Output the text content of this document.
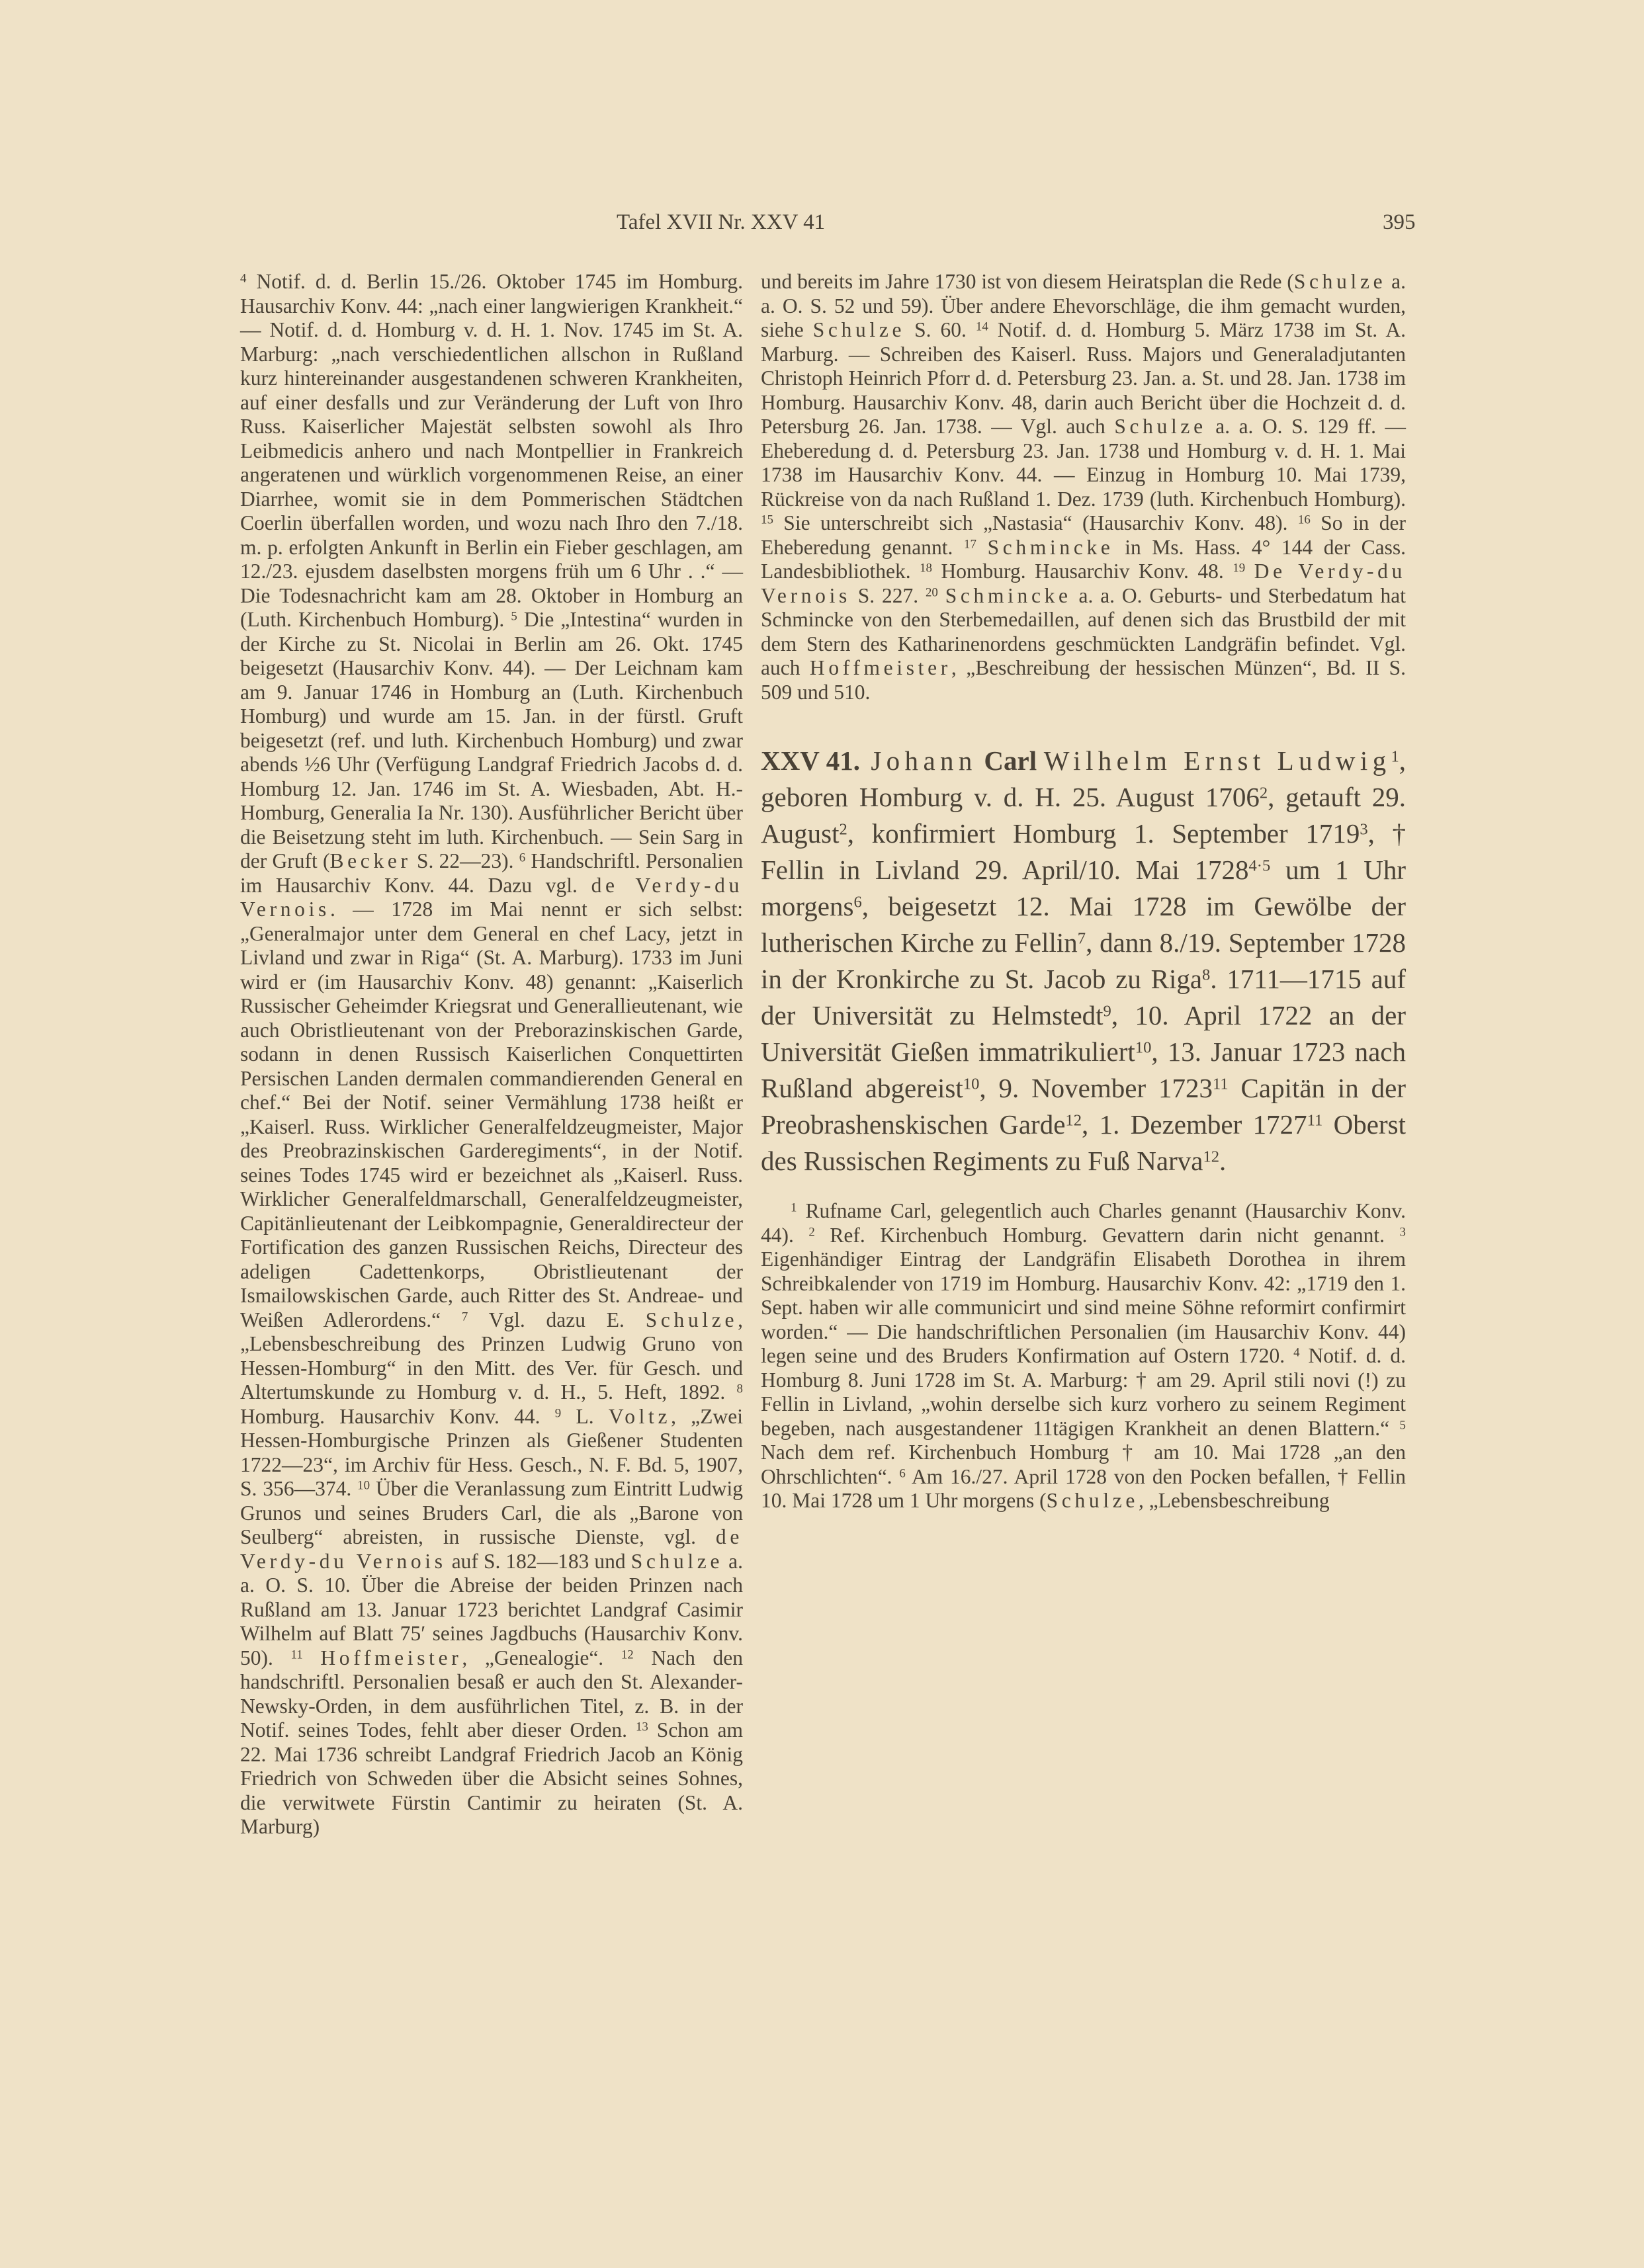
Tafel XVII Nr. XXV 41	395

$^4$ Notif. d. d. Berlin 15./26. Oktober 1745 im Homburg. Hausarchiv Konv. 44: „nach einer langwierigen Krankheit.“ — Notif. d. d. Homburg v. d. H. 1. Nov. 1745 im St. A. Marburg: „nach verschiedentlichen allschon in Rußland kurz hintereinander ausgestandenen schweren Krankheiten, auf einer desfalls und zur Veränderung der Luft von Ihro Russ. Kaiserlicher Majestät selbsten sowohl als Ihro Leibmedicis anhero und nach Montpellier in Frankreich angeratenen und würklich vorgenommenen Reise, an einer Diarrhee, womit sie in dem Pommerischen Städtchen Coerlin überfallen worden, und wozu nach Ihro den 7./18. m. p. erfolgten Ankunft in Berlin ein Fieber geschlagen, am 12./23. ejusdem daselbsten morgens früh um 6 Uhr . .“ — Die Todesnachricht kam am 28. Oktober in Homburg an (Luth. Kirchenbuch Homburg). $^5$ Die „Intestina“ wurden in der Kirche zu St. Nicolai in Berlin am 26. Okt. 1745 beigesetzt (Hausarchiv Konv. 44). — Der Leichnam kam am 9. Januar 1746 in Homburg an (Luth. Kirchenbuch Homburg) und wurde am 15. Jan. in der fürstl. Gruft beigesetzt (ref. und luth. Kirchenbuch Homburg) und zwar abends ½6 Uhr (Verfügung Landgraf Friedrich Jacobs d. d. Homburg 12. Jan. 1746 im St. A. Wiesbaden, Abt. H.-Homburg, Generalia Ia Nr. 130). Ausführlicher Bericht über die Beisetzung steht im luth. Kirchenbuch. — Sein Sarg in der Gruft (Becker S. 22—23). $^6$ Handschriftl. Personalien im Hausarchiv Konv. 44. Dazu vgl. de Verdy-du Vernois. — 1728 im Mai nennt er sich selbst: „Generalmajor unter dem General en chef Lacy, jetzt in Livland und zwar in Riga“ (St. A. Marburg). 1733 im Juni wird er (im Hausarchiv Konv. 48) genannt: „Kaiserlich Russischer Geheimder Kriegsrat und Generallieutenant, wie auch Obristlieutenant von der Preborazinskischen Garde, sodann in denen Russisch Kaiserlichen Conquettirten Persischen Landen dermalen commandierenden General en chef.“ Bei der Notif. seiner Vermählung 1738 heißt er „Kaiserl. Russ. Wirklicher Generalfeldzeugmeister, Major des Preobrazinskischen Garderegiments“, in der Notif. seines Todes 1745 wird er bezeichnet als „Kaiserl. Russ. Wirklicher Generalfeldmarschall, Generalfeldzeugmeister, Capitänlieutenant der Leibkompagnie, Generaldirecteur der Fortification des ganzen Russischen Reichs, Directeur des adeligen Cadettenkorps, Obristlieutenant der Ismailowskischen Garde, auch Ritter des St. Andreae- und Weißen Adlerordens.“ $^7$ Vgl. dazu E. Schulze, „Lebensbeschreibung des Prinzen Ludwig Gruno von Hessen-Homburg“ in den Mitt. des Ver. für Gesch. und Altertumskunde zu Homburg v. d. H., 5. Heft, 1892. $^8$ Homburg. Hausarchiv Konv. 44. $^9$ L. Voltz, „Zwei Hessen-Homburgische Prinzen als Gießener Studenten 1722—23“, im Archiv für Hess. Gesch., N. F. Bd. 5, 1907, S. 356—374. $^{10}$ Über die Veranlassung zum Eintritt Ludwig Grunos und seines Bruders Carl, die als „Barone von Seulberg“ abreisten, in russische Dienste, vgl. de Verdy-du Vernois auf S. 182—183 und Schulze a. a. O. S. 10. Über die Abreise der beiden Prinzen nach Rußland am 13. Januar 1723 berichtet Landgraf Casimir Wilhelm auf Blatt 75′ seines Jagdbuchs (Hausarchiv Konv. 50). $^{11}$ Hoffmeister, „Genealogie“. $^{12}$ Nach den handschriftl. Personalien besaß er auch den St. Alexander-Newsky-Orden, in dem ausführlichen Titel, z. B. in der Notif. seines Todes, fehlt aber dieser Orden. $^{13}$ Schon am 22. Mai 1736 schreibt Landgraf Friedrich Jacob an König Friedrich von Schweden über die Absicht seines Sohnes, die verwitwete Fürstin Cantimir zu heiraten (St. A. Marburg)

und bereits im Jahre 1730 ist von diesem Heiratsplan die Rede (Schulze a. a. O. S. 52 und 59). Über andere Ehevorschläge, die ihm gemacht wurden, siehe Schulze S. 60. $^{14}$ Notif. d. d. Homburg 5. März 1738 im St. A. Marburg. — Schreiben des Kaiserl. Russ. Majors und Generaladjutanten Christoph Heinrich Pforr d. d. Petersburg 23. Jan. a. St. und 28. Jan. 1738 im Homburg. Hausarchiv Konv. 48, darin auch Bericht über die Hochzeit d. d. Petersburg 26. Jan. 1738. — Vgl. auch Schulze a. a. O. S. 129 ff. — Eheberedung d. d. Petersburg 23. Jan. 1738 und Homburg v. d. H. 1. Mai 1738 im Hausarchiv Konv. 44. — Einzug in Homburg 10. Mai 1739, Rückreise von da nach Rußland 1. Dez. 1739 (luth. Kirchenbuch Homburg). $^{15}$ Sie unterschreibt sich „Nastasia“ (Hausarchiv Konv. 48). $^{16}$ So in der Eheberedung genannt. $^{17}$ Schmincke in Ms. Hass. 4° 144 der Cass. Landesbibliothek. $^{18}$ Homburg. Hausarchiv Konv. 48. $^{19}$ De Verdy-du Vernois S. 227. $^{20}$ Schmincke a. a. O. Geburts- und Sterbedatum hat Schmincke von den Sterbemedaillen, auf denen sich das Brustbild der mit dem Stern des Katharinenordens geschmückten Landgräfin befindet. Vgl. auch Hoffmeister, „Beschreibung der hessischen Münzen“, Bd. II S. 509 und 510.

XXV 41. Johann Carl Wilhelm Ernst Ludwig$^1$, geboren Homburg v. d. H. 25. August 1706$^2$, getauft 29. August$^2$, konfirmiert Homburg 1. September 1719$^3$, † Fellin in Livland 29. April/10. Mai $1728^{4\cdot 5}$ um 1 Uhr morgens$^6$, beigesetzt 12. Mai 1728 im Gewölbe der lutherischen Kirche zu Fellin$^7$, dann 8./19. September 1728 in der Kronkirche zu St. Jacob zu Riga$^8$. 1711—1715 auf der Universität zu Helmstedt$^9$, 10. April 1722 an der Universität Gießen immatrikuliert$^{10}$, 13. Januar 1723 nach Rußland abgereist$^{10}$, 9. November 1723$^{11}$ Capitän in der Preobrashenskischen Garde$^{12}$, 1. Dezember 1727$^{11}$ Oberst des Russischen Regiments zu Fuß Narva$^{12}$.

$^1$ Rufname Carl, gelegentlich auch Charles genannt (Hausarchiv Konv. 44). $^2$ Ref. Kirchenbuch Homburg. Gevattern darin nicht genannt. $^3$ Eigenhändiger Eintrag der Landgräfin Elisabeth Dorothea in ihrem Schreibkalender von 1719 im Homburg. Hausarchiv Konv. 42: „1719 den 1. Sept. haben wir alle communicirt und sind meine Söhne reformirt confirmirt worden.“ — Die handschriftlichen Personalien (im Hausarchiv Konv. 44) legen seine und des Bruders Konfirmation auf Ostern 1720. $^4$ Notif. d. d. Homburg 8. Juni 1728 im St. A. Marburg: † am 29. April stili novi (!) zu Fellin in Livland, „wohin derselbe sich kurz vorhero zu seinem Regiment begeben, nach ausgestandener 11tägigen Krankheit an denen Blattern.“ $^5$ Nach dem ref. Kirchenbuch Homburg † am 10. Mai 1728 „an den Ohrschlichten“. $^6$ Am 16./27. April 1728 von den Pocken befallen, † Fellin 10. Mai 1728 um 1 Uhr morgens (Schulze, „Lebensbeschreibung
